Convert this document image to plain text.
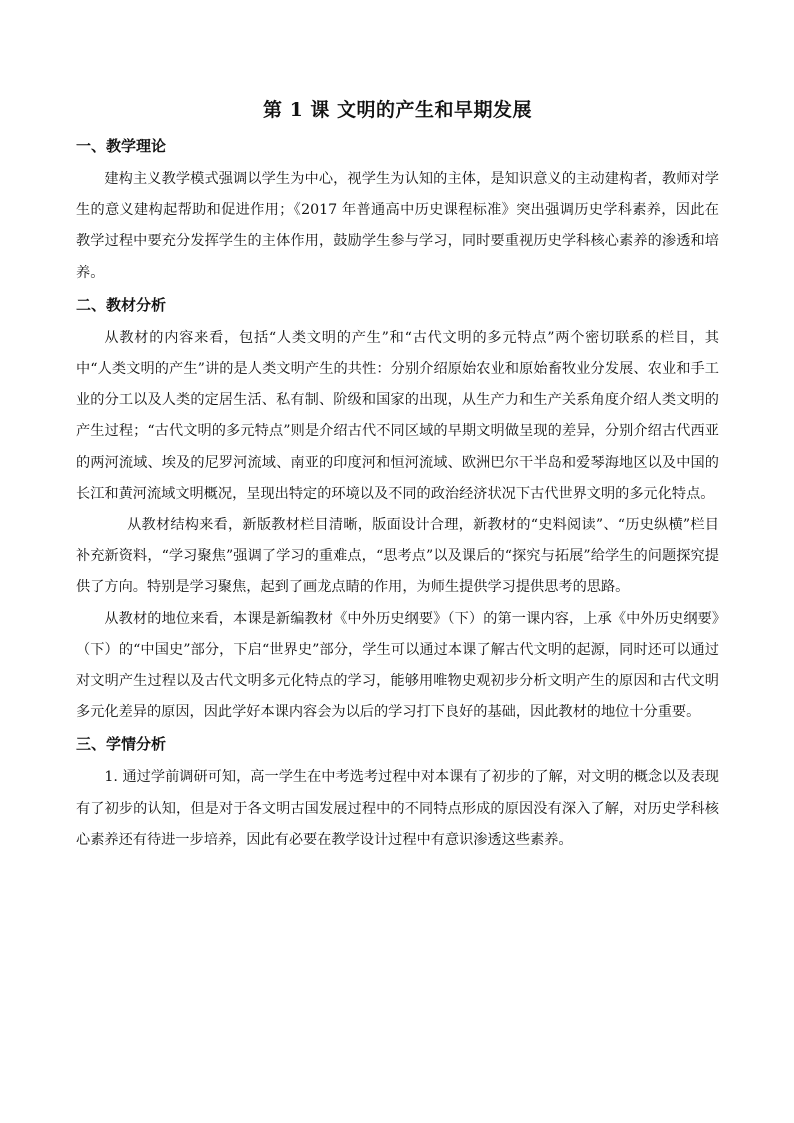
第 1 课 文明的产生和早期发展
一、教学理论

建构主义教学模式强调以学生为中心，视学生为认知的主体，是知识意义的主动建构者，教师对学生的意义建构起帮助和促进作用；《2017 年普通高中历史课程标准》突出强调历史学科素养，因此在教学过程中要充分发挥学生的主体作用，鼓励学生参与学习，同时要重视历史学科核心素养的渗透和培养。

二、教材分析

从教材的内容来看，包括“人类文明的产生”和“古代文明的多元特点”两个密切联系的栏目，其中“人类文明的产生”讲的是人类文明产生的共性：分别介绍原始农业和原始畜牧业分发展、农业和手工业的分工以及人类的定居生活、私有制、阶级和国家的出现，从生产力和生产关系角度介绍人类文明的产生过程；“古代文明的多元特点”则是介绍古代不同区域的早期文明做呈现的差异，分别介绍古代西亚的两河流域、埃及的尼罗河流域、南亚的印度河和恒河流域、欧洲巴尔干半岛和爱琴海地区以及中国的长江和黄河流域文明概况，呈现出特定的环境以及不同的政治经济状况下古代世界文明的多元化特点。

从教材结构来看，新版教材栏目清晰，版面设计合理，新教材的“史料阅读”、“历史纵横”栏目补充新资料，“学习聚焦”强调了学习的重难点，“思考点”以及课后的“探究与拓展”给学生的问题探究提供了方向。特别是学习聚焦，起到了画龙点睛的作用，为师生提供学习提供思考的思路。

从教材的地位来看，本课是新编教材《中外历史纲要》（下）的第一课内容，上承《中外历史纲要》（下）的“中国史”部分，下启“世界史”部分，学生可以通过本课了解古代文明的起源，同时还可以通过对文明产生过程以及古代文明多元化特点的学习，能够用唯物史观初步分析文明产生的原因和古代文明多元化差异的原因，因此学好本课内容会为以后的学习打下良好的基础，因此教材的地位十分重要。

三、学情分析

1. 通过学前调研可知，高一学生在中考选考过程中对本课有了初步的了解，对文明的概念以及表现有了初步的认知，但是对于各文明古国发展过程中的不同特点形成的原因没有深入了解，对历史学科核心素养还有待进一步培养，因此有必要在教学设计过程中有意识渗透这些素养。
